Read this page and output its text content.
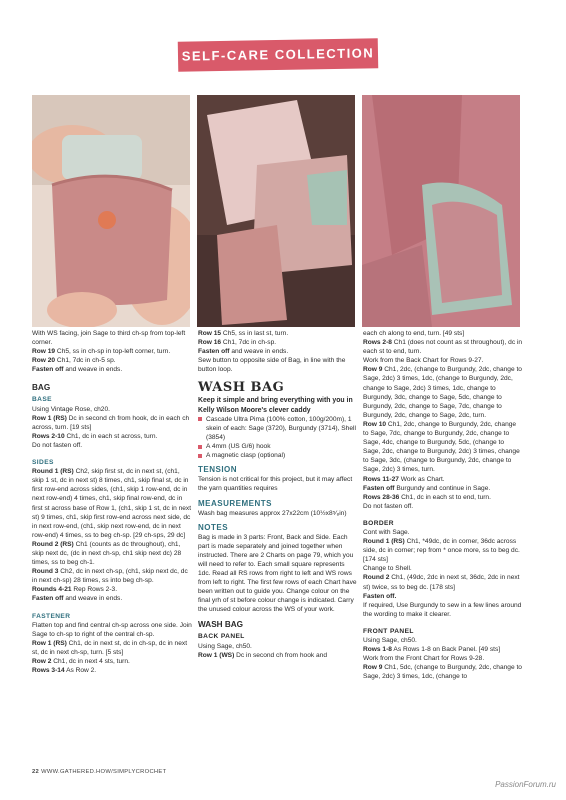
SELF-CARE COLLECTION

With WS facing, join Sage to third ch-sp from top-left corner.

Row 19 Ch5, ss in ch-sp in top-left corner, turn.

Row 20 Ch1, 7dc in ch-5 sp.

Fasten off and weave in ends.

BAG
BASE

Using Vintage Rose, ch20.

Row 1 (RS) Dc in second ch from hook, dc in each ch across, turn. [19 sts]

Rows 2-10 Ch1, dc in each st across, turn.

Do not fasten off.

SIDES

Round 1 (RS) Ch2, skip first st, dc in next st, (ch1, skip 1 st, dc in next st) 8 times, ch1, skip final st, dc in first row-end across sides, (ch1, skip 1 row-end, dc in next row-end) 4 times, ch1, skip final row-end, dc in first st across base of Row 1, (ch1, skip 1 st, dc in next st) 9 times, ch1, skip first row-end across next side, dc in next row-end, (ch1, skip next row-end, dc in next row-end) 4 times, ss to beg ch-sp. [29 ch-sps, 29 dc]

Round 2 (RS) Ch1 (counts as dc throughout), ch1, skip next dc, (dc in next ch-sp, ch1 skip next dc) 28 times, ss to beg ch-1.

Round 3 Ch2, dc in next ch-sp, (ch1, skip next dc, dc in next ch-sp) 28 times, ss into beg ch-sp.

Rounds 4-21 Rep Rows 2-3.

Fasten off and weave in ends.

FASTENER

Flatten top and find central ch-sp across one side. Join Sage to ch-sp to right of the central ch-sp.

Row 1 (RS) Ch1, dc in next st, dc in ch-sp, dc in next st, dc in next ch-sp, turn. [5 sts]

Row 2 Ch1, dc in next 4 sts, turn.

Rows 3-14 As Row 2.

Row 15 Ch5, ss in last st, turn.

Row 16 Ch1, 7dc in ch-sp.

Fasten off and weave in ends.

Sew button to opposite side of Bag, in line with the button loop.

WASH BAG

Keep it simple and bring everything with you in Kelly Wilson Moore's clever caddy

Cascade Ultra Pima (100% cotton, 100g/200m), 1 skein of each: Sage (3720), Burgundy (3714), Shell (3854)
A 4mm (US G/6) hook
A magnetic clasp (optional)
TENSION

Tension is not critical for this project, but it may affect the yarn quantities requires

MEASUREMENTS

Wash bag measures approx 27x22cm (10½x8⁵⁄₈in)

NOTES

Bag is made in 3 parts: Front, Back and Side. Each part is made separately and joined together when instructed. There are 2 Charts on page 79, which you will need to refer to. Each small square represents 1dc. Read all RS rows from right to left and WS rows from left to right. The first few rows of each Chart have been written out to guide you. Change colour on the final yrh of st before colour change is indicated. Carry the unused colour across the WS of your work.

WASH BAG
BACK PANEL

Using Sage, ch50.

Row 1 (WS) Dc in second ch from hook and

each ch along to end, turn. [49 sts]

Rows 2-8 Ch1 (does not count as st throughout), dc in each st to end, turn.

Work from the Back Chart for Rows 9-27.

Row 9 Ch1, 2dc, (change to Burgundy, 2dc, change to Sage, 2dc) 3 times, 1dc, (change to Burgundy, 2dc, change to Sage, 2dc) 3 times, 1dc, change to Burgundy, 3dc, change to Sage, 5dc, change to Burgundy, 2dc, change to Sage, 7dc, change to Burgundy, 2dc, change to Sage, 2dc, turn.

Row 10 Ch1, 2dc, change to Burgundy, 2dc, change to Sage, 7dc, change to Burgundy, 2dc, change to Sage, 4dc, change to Burgundy, 5dc, (change to Sage, 2dc, change to Burgundy, 2dc) 3 times, change to Sage, 3dc, (change to Burgundy, 2dc, change to Sage, 2dc) 3 times, turn.

Rows 11-27 Work as Chart.

Fasten off Burgundy and continue in Sage.

Rows 28-36 Ch1, dc in each st to end, turn.

Do not fasten off.

BORDER

Cont with Sage.

Round 1 (RS) Ch1, *49dc, dc in corner, 36dc across side, dc in corner; rep from * once more, ss to beg dc. [174 sts]

Change to Shell.

Round 2 Ch1, (49dc, 2dc in next st, 36dc, 2dc in next st) twice, ss to beg dc. [178 sts]

Fasten off.

If required, Use Burgundy to sew in a few lines around the wording to make it clearer.

FRONT PANEL

Using Sage, ch50.

Rows 1-8 As Rows 1-8 on Back Panel. [49 sts]

Work from the Front Chart for Rows 9-28.

Row 9 Ch1, 5dc, (change to Burgundy, 2dc, change to Sage, 2dc) 3 times, 1dc, (change to

22 WWW.GATHERED.HOW/SIMPLYCROCHET
PassionForum.ru
